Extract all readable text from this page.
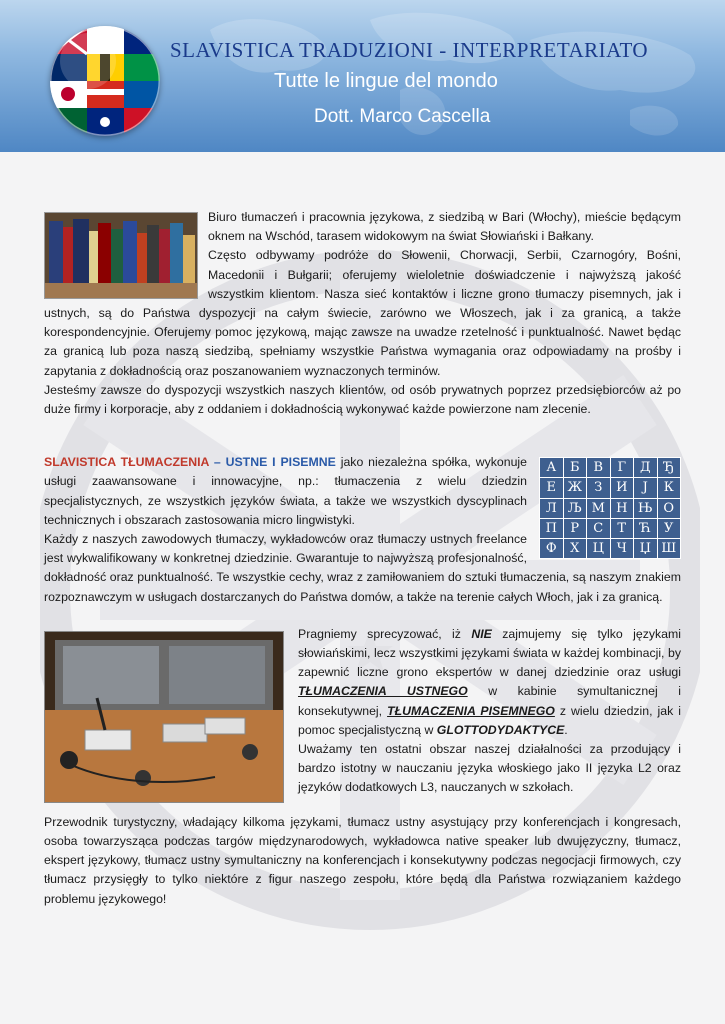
SLAVISTICA TRADUZIONI - INTERPRETARIATO
Tutte le lingue del mondo
Dott. Marco Cascella

Biuro tłumaczeń i pracownia językowa, z siedzibą w Bari (Włochy), mieście będącym oknem na Wschód, tarasem widokowym na świat Słowiański i Bałkany.

Często odbywamy podróże do Słowenii, Chorwacji, Serbii, Czarnogóry, Bośni, Macedonii i Bułgarii; oferujemy wieloletnie doświadczenie i najwyższą jakość wszystkim klientom. Nasza sieć kontaktów i liczne grono tłumaczy pisemnych, jak i ustnych, są do Państwa dyspozycji na całym świecie, zarówno we Włoszech, jak i za granicą, a także korespondencyjnie. Oferujemy pomoc językową, mając zawsze na uwadze rzetelność i punktualność. Nawet będąc za granicą lub poza naszą siedzibą, spełniamy wszystkie Państwa wymagania oraz odpowiadamy na prośby i zapytania z dokładnością oraz poszanowaniem wyznaczonych terminów.

Jesteśmy zawsze do dyspozycji wszystkich naszych klientów, od osób prywatnych poprzez przedsiębiorców aż po duże firmy i korporacje, aby z oddaniem i dokładnością wykonywać każde powierzone nam zlecenie.

А	Б	В	Г	Д	Ђ
Е	Ж	З	И	Ј	К
Л	Љ	М	Н	Њ	О
П	Р	С	Т	Ћ	У
Ф	Х	Ц	Ч	Џ	Ш

SLAVISTICA TŁUMACZENIA – USTNE I PISEMNE jako niezależna spółka, wykonuje usługi zaawansowane i innowacyjne, np.: tłumaczenia z wielu dziedzin specjalistycznych, ze wszystkich języków świata, a także we wszystkich dyscyplinach technicznych i obszarach zastosowania micro lingwistyki.

Każdy z naszych zawodowych tłumaczy, wykładowców oraz tłumaczy ustnych freelance jest wykwalifikowany w konkretnej dziedzinie. Gwarantuje to najwyższą profesjonalność, dokładność oraz punktualność. Te wszystkie cechy, wraz z zamiłowaniem do sztuki tłumaczenia, są naszym znakiem rozpoznawczym w usługach dostarczanych do Państwa domów, a także na terenie całych Włoch, jak i za granicą.

Pragniemy sprecyzować, iż NIE zajmujemy się tylko językami słowiańskimi, lecz wszystkimi językami świata w każdej kombinacji, by zapewnić liczne grono ekspertów w danej dziedzinie oraz usługi TŁUMACZENIA USTNEGO w kabinie symultanicznej i konsekutywnej, TŁUMACZENIA PISEMNEGO z wielu dziedzin, jak i pomoc specjalistyczną w GLOTTODYDAKTYCE.

Uważamy ten ostatni obszar naszej działalności za przodujący i bardzo istotny w nauczaniu języka włoskiego jako II języka L2 oraz języków dodatkowych L3, nauczanych w szkołach.

Przewodnik turystyczny, władający kilkoma językami, tłumacz ustny asystujący przy konferencjach i kongresach, osoba towarzysząca podczas targów międzynarodowych, wykładowca native speaker lub dwujęzyczny, tłumacz, ekspert językowy, tłumacz ustny symultaniczny na konferencjach i konsekutywny podczas negocjacji firmowych, czy tłumacz przysięgły to tylko niektóre z figur naszego zespołu, które będą dla Państwa rozwiązaniem każdego problemu językowego!
